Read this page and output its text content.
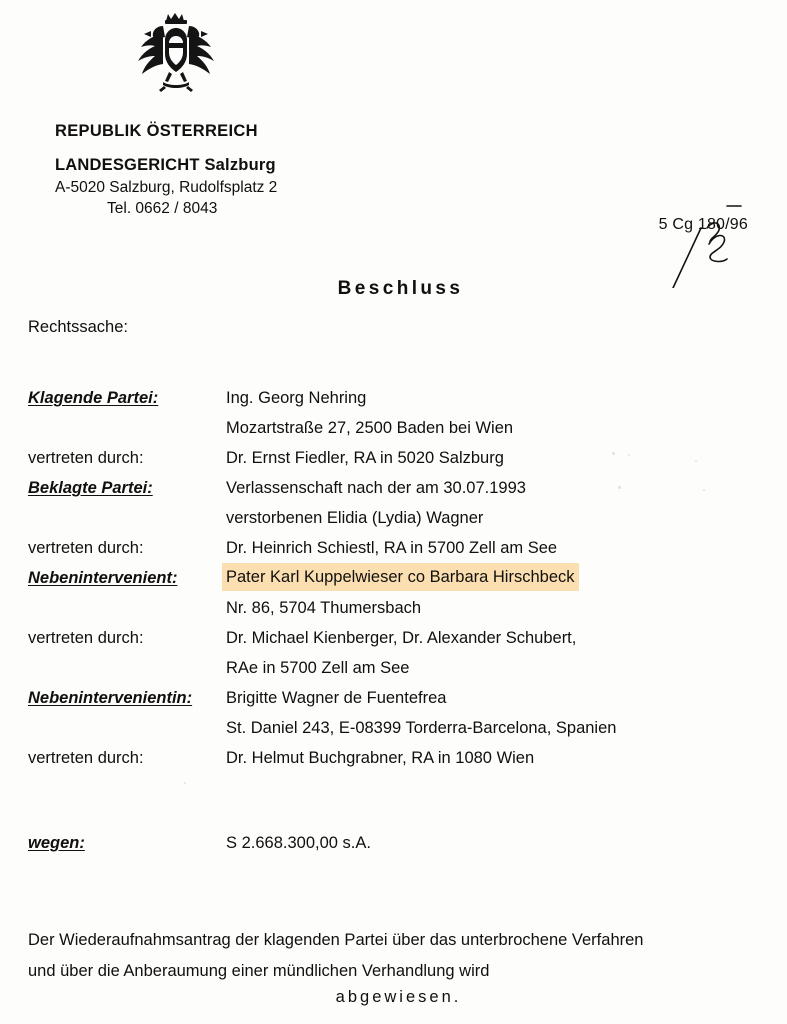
REPUBLIK ÖSTERREICH
LANDESGERICHT Salzburg
A-5020 Salzburg, Rudolfsplatz 2
Tel. 0662 / 8043
5 Cg 180/96
Beschluss
Rechtssache:
Klagende Partei:	Ing. Georg Nehring
Mozartstraße 27, 2500 Baden bei Wien
vertreten durch:	Dr. Ernst Fiedler, RA in 5020 Salzburg
Beklagte Partei:	Verlassenschaft nach der am 30.07.1993
verstorbenen Elidia (Lydia) Wagner
vertreten durch:	Dr. Heinrich Schiestl, RA in 5700 Zell am See
Nebenintervenient:	Pater Karl Kuppelwieser co Barbara Hirschbeck
Nr. 86, 5704 Thumersbach
vertreten durch:	Dr. Michael Kienberger, Dr. Alexander Schubert,
RAe in 5700 Zell am See
Nebenintervenientin:	Brigitte Wagner de Fuentefrea
St. Daniel 243, E-08399 Torderra-Barcelona, Spanien
vertreten durch:	Dr. Helmut Buchgrabner, RA in 1080 Wien
wegen:	S 2.668.300,00 s.A.
Der Wiederaufnahmsantrag der klagenden Partei über das unterbrochene Verfahren
und über die Anberaumung einer mündlichen Verhandlung wird
abgewiesen.
